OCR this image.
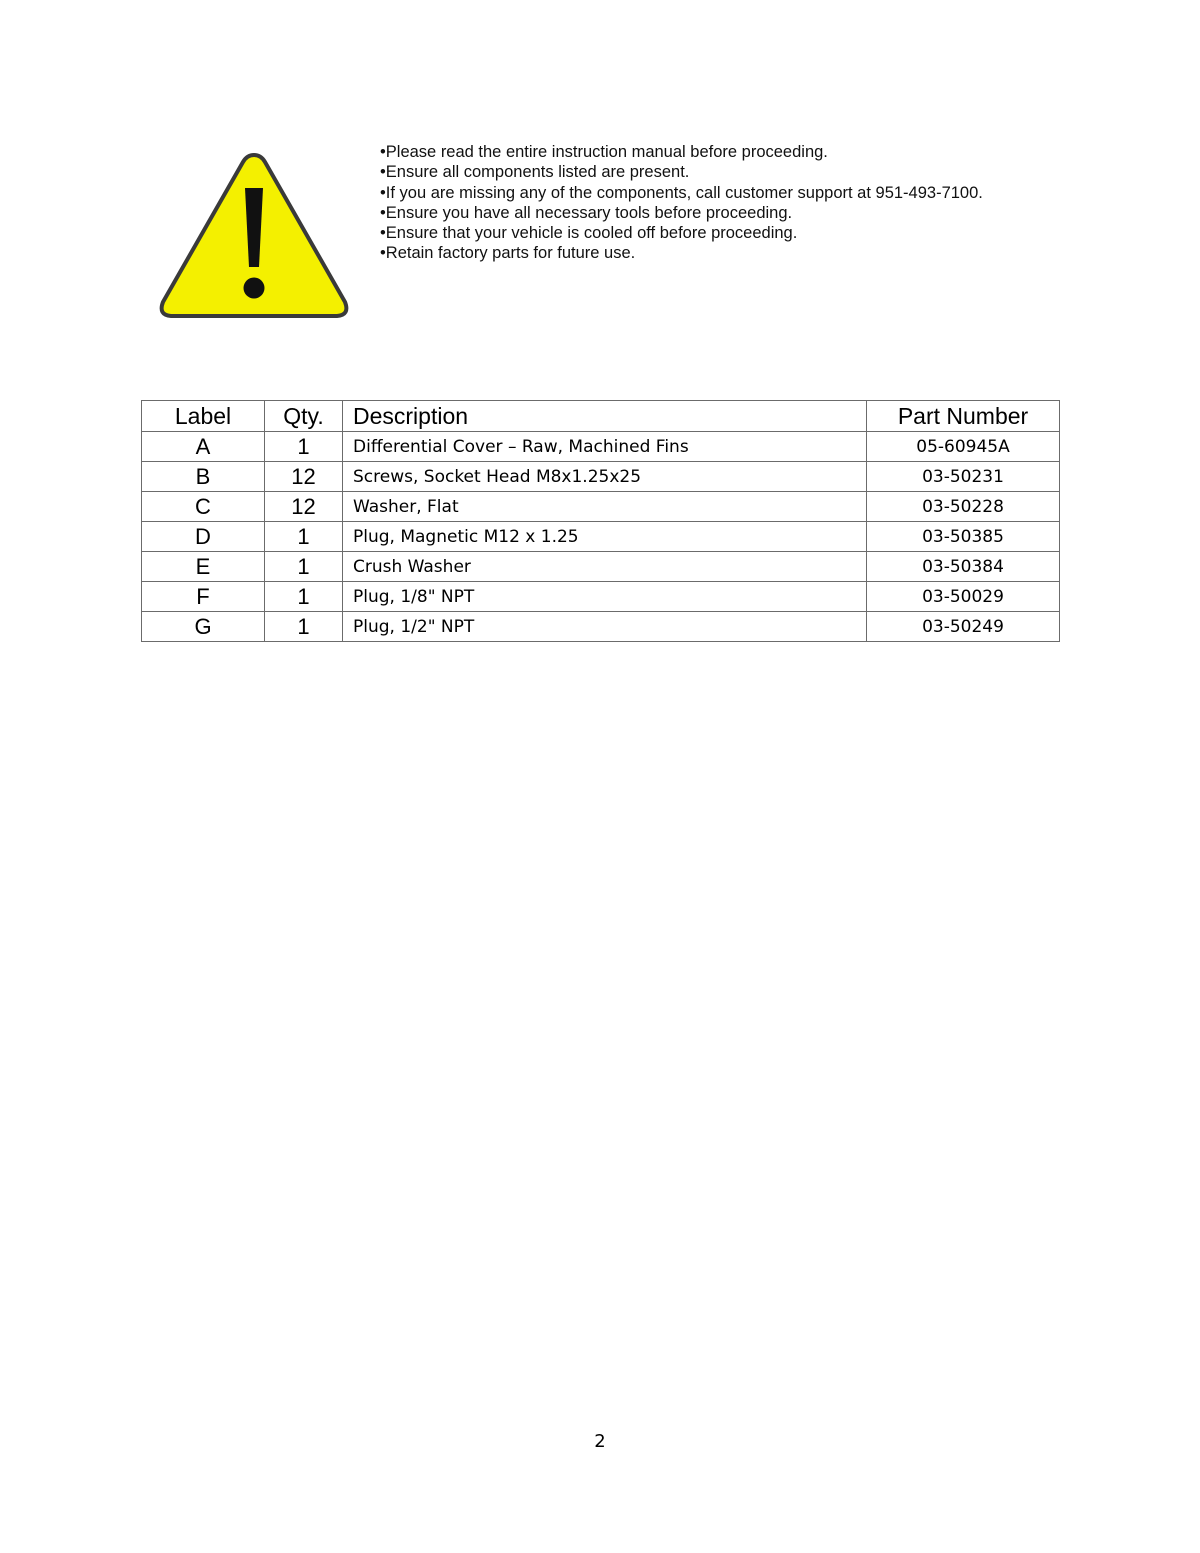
• Please read the entire instruction manual before proceeding.
• Ensure all components listed are present.
• If you are missing any of the components, call customer support at 951-493-7100.
• Ensure you have all necessary tools before proceeding.
• Ensure that your vehicle is cooled off before proceeding.
• Retain factory parts for future use.
Label	Qty.	Description	Part Number
A	1	Differential Cover – Raw, Machined Fins	05-60945A
B	12	Screws, Socket Head M8x1.25x25	03-50231
C	12	Washer, Flat	03-50228
D	1	Plug, Magnetic M12 x 1.25	03-50385
E	1	Crush Washer	03-50384
F	1	Plug, 1/8" NPT	03-50029
G	1	Plug, 1/2" NPT	03-50249
2
